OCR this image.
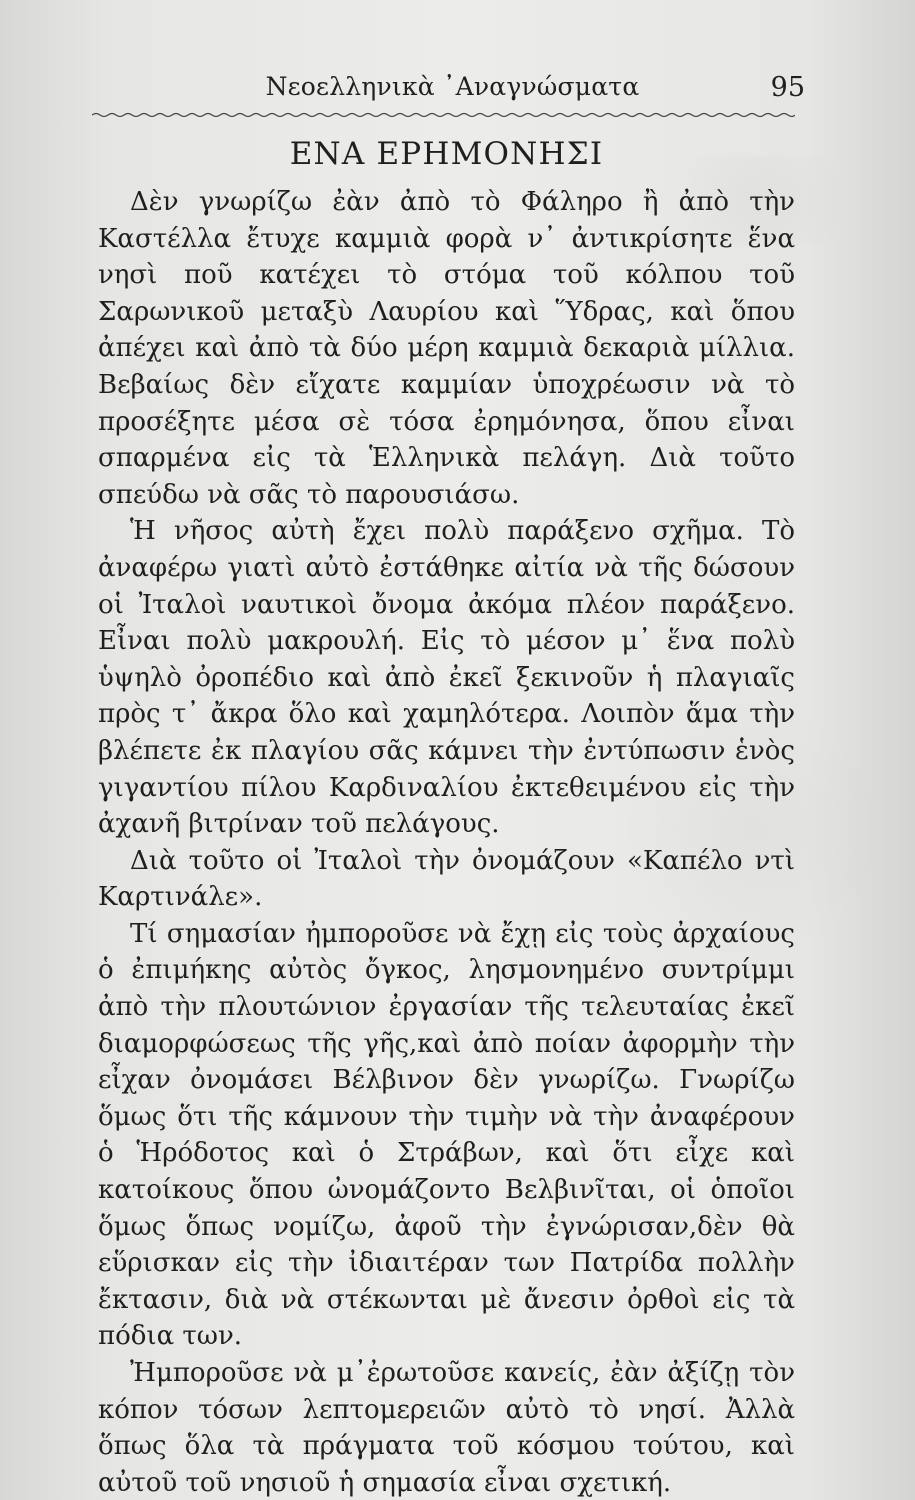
Νεοελληνικὰ ᾿Αναγνώσματα	95
ΕΝΑ ΕΡΗΜΟΝΗΣΙ

Δὲν γνωρίζω ἐὰν ἀπὸ τὸ Φάληρο ἢ ἀπὸ τὴν Καστέλλα ἔτυχε καμμιὰ φορὰ ν᾿ ἀντικρίσητε ἕνα νησὶ ποῦ κατέχει τὸ στόμα τοῦ κόλπου τοῦ Σαρωνικοῦ μεταξὺ Λαυρίου καὶ Ὕδρας, καὶ ὅπου ἀπέχει καὶ ἀπὸ τὰ δύο μέρη καμμιὰ δεκαριὰ μίλλια. Βεβαίως δὲν εἴχατε καμμίαν ὑποχρέωσιν νὰ τὸ προσέξητε μέσα σὲ τόσα ἐρημόνησα, ὅπου εἶναι σπαρμένα εἰς τὰ Ἑλληνικὰ πελάγη. Διὰ τοῦτο σπεύδω νὰ σᾶς τὸ παρουσιάσω.

Ἡ νῆσος αὐτὴ ἔχει πολὺ παράξενο σχῆμα. Τὸ ἀναφέρω γιατὶ αὐτὸ ἐστάθηκε αἰτία νὰ τῆς δώσουν οἱ Ἰταλοὶ ναυτικοὶ ὄνομα ἀκόμα πλέον παράξενο. Εἶναι πολὺ μακρουλή. Εἰς τὸ μέσον μ᾿ ἕνα πολὺ ὑψηλὸ ὀροπέδιο καὶ ἀπὸ ἐκεῖ ξεκινοῦν ἡ πλαγιαῖς πρὸς τ᾿ ἄκρα ὅλο καὶ χαμηλότερα. Λοιπὸν ἅμα τὴν βλέπετε ἐκ πλαγίου σᾶς κάμνει τὴν ἐντύπωσιν ἑνὸς γιγαντίου πίλου Καρδιναλίου ἐκτεθειμένου εἰς τὴν ἀχανῆ βιτρίναν τοῦ πελάγους.

Διὰ τοῦτο οἱ Ἰταλοὶ τὴν ὀνομάζουν «Καπέλο ντὶ Καρτινάλε».

Τί σημασίαν ἠμποροῦσε νὰ ἔχῃ εἰς τοὺς ἀρχαίους ὁ ἐπιμήκης αὐτὸς ὄγκος, λησμονημένο συντρίμμι ἀπὸ τὴν πλουτώνιον ἐργασίαν τῆς τελευταίας ἐκεῖ διαμορφώσεως τῆς γῆς,καὶ ἀπὸ ποίαν ἀφορμὴν τὴν εἶχαν ὀνομάσει Βέλβινον δὲν γνωρίζω. Γνωρίζω ὅμως ὅτι τῆς κάμνουν τὴν τιμὴν νὰ τὴν ἀναφέρουν ὁ Ἡρόδοτος καὶ ὁ Στράβων, καὶ ὅτι εἶχε καὶ κατοίκους ὅπου ὠνομάζοντο Βελβινῖται, οἱ ὁποῖοι ὅμως ὅπως νομίζω, ἀφοῦ τὴν ἐγνώρισαν,δὲν θὰ εὕρισκαν εἰς τὴν ἰδιαιτέραν των Πατρίδα πολλὴν ἔκτασιν, διὰ νὰ στέκωνται μὲ ἄνεσιν ὀρθοὶ εἰς τὰ πόδια των.

Ἠμποροῦσε νὰ μ᾿ἐρωτοῦσε κανείς, ἐὰν ἀξίζῃ τὸν κόπον τόσων λεπτομερειῶν αὐτὸ τὸ νησί. Ἀλλὰ ὅπως ὅλα τὰ πράγματα τοῦ κόσμου τούτου, καὶ αὐτοῦ τοῦ νησιοῦ ἡ σημασία εἶναι σχετική.
